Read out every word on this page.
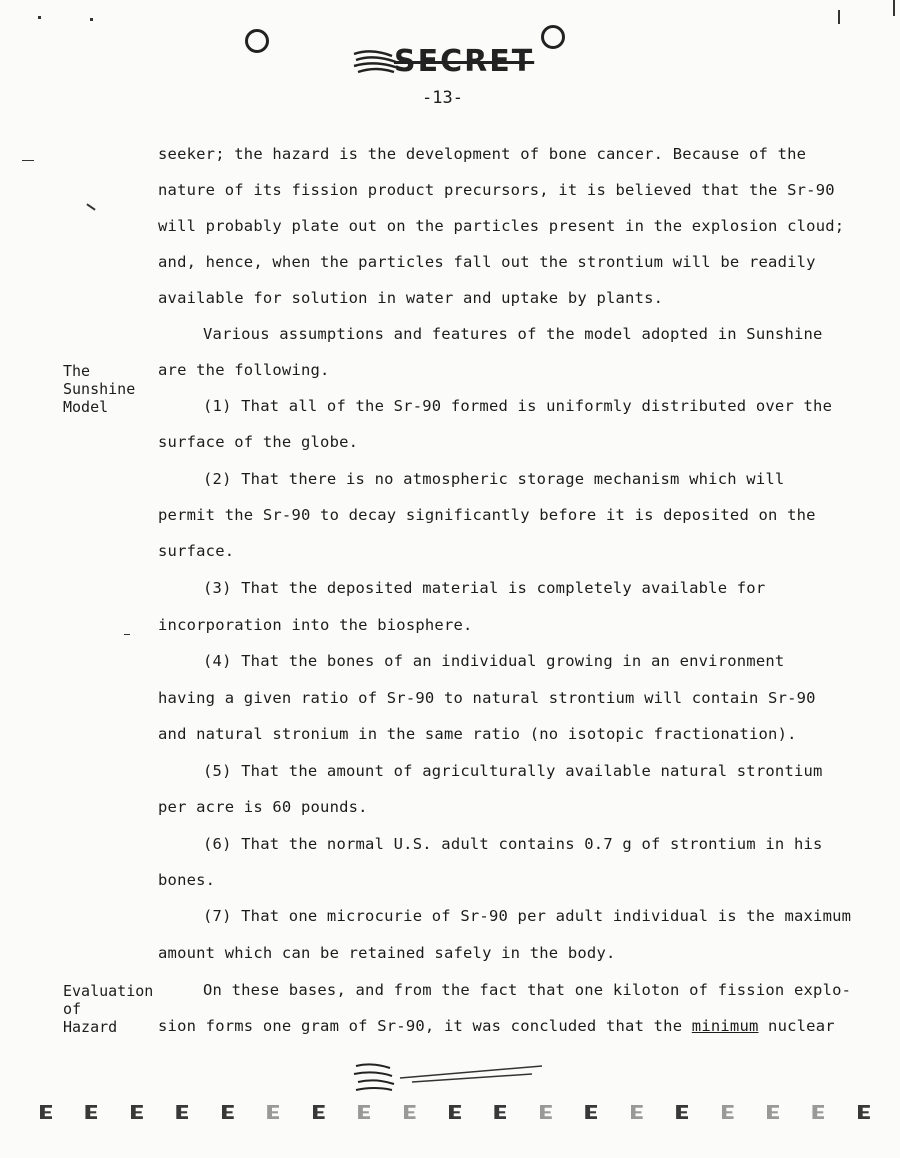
SECRET
-13-
The
Sunshine
Model
Evaluation
of
Hazard
seeker; the hazard is the development of bone cancer. Because of the
nature of its fission product precursors, it is believed that the Sr-90
will probably plate out on the particles present in the explosion cloud;
and, hence, when the particles fall out the strontium will be readily
available for solution in water and uptake by plants.
Various assumptions and features of the model adopted in Sunshine
are the following.
(1) That all of the Sr-90 formed is uniformly distributed over the
surface of the globe.
(2) That there is no atmospheric storage mechanism which will
permit the Sr-90 to decay significantly before it is deposited on the
surface.
(3) That the deposited material is completely available for
incorporation into the biosphere.
(4) That the bones of an individual growing in an environment
having a given ratio of Sr-90 to natural strontium will contain Sr-90
and natural stronium in the same ratio (no isotopic fractionation).
(5) That the amount of agriculturally available natural strontium
per acre is 60 pounds.
(6) That the normal U.S. adult contains 0.7 g of strontium in his
bones.
(7) That one microcurie of Sr-90 per adult individual is the maximum
amount which can be retained safely in the body.
On these bases, and from the fact that one kiloton of fission explo-
sion forms one gram of Sr-90, it was concluded that the minimum nuclear
